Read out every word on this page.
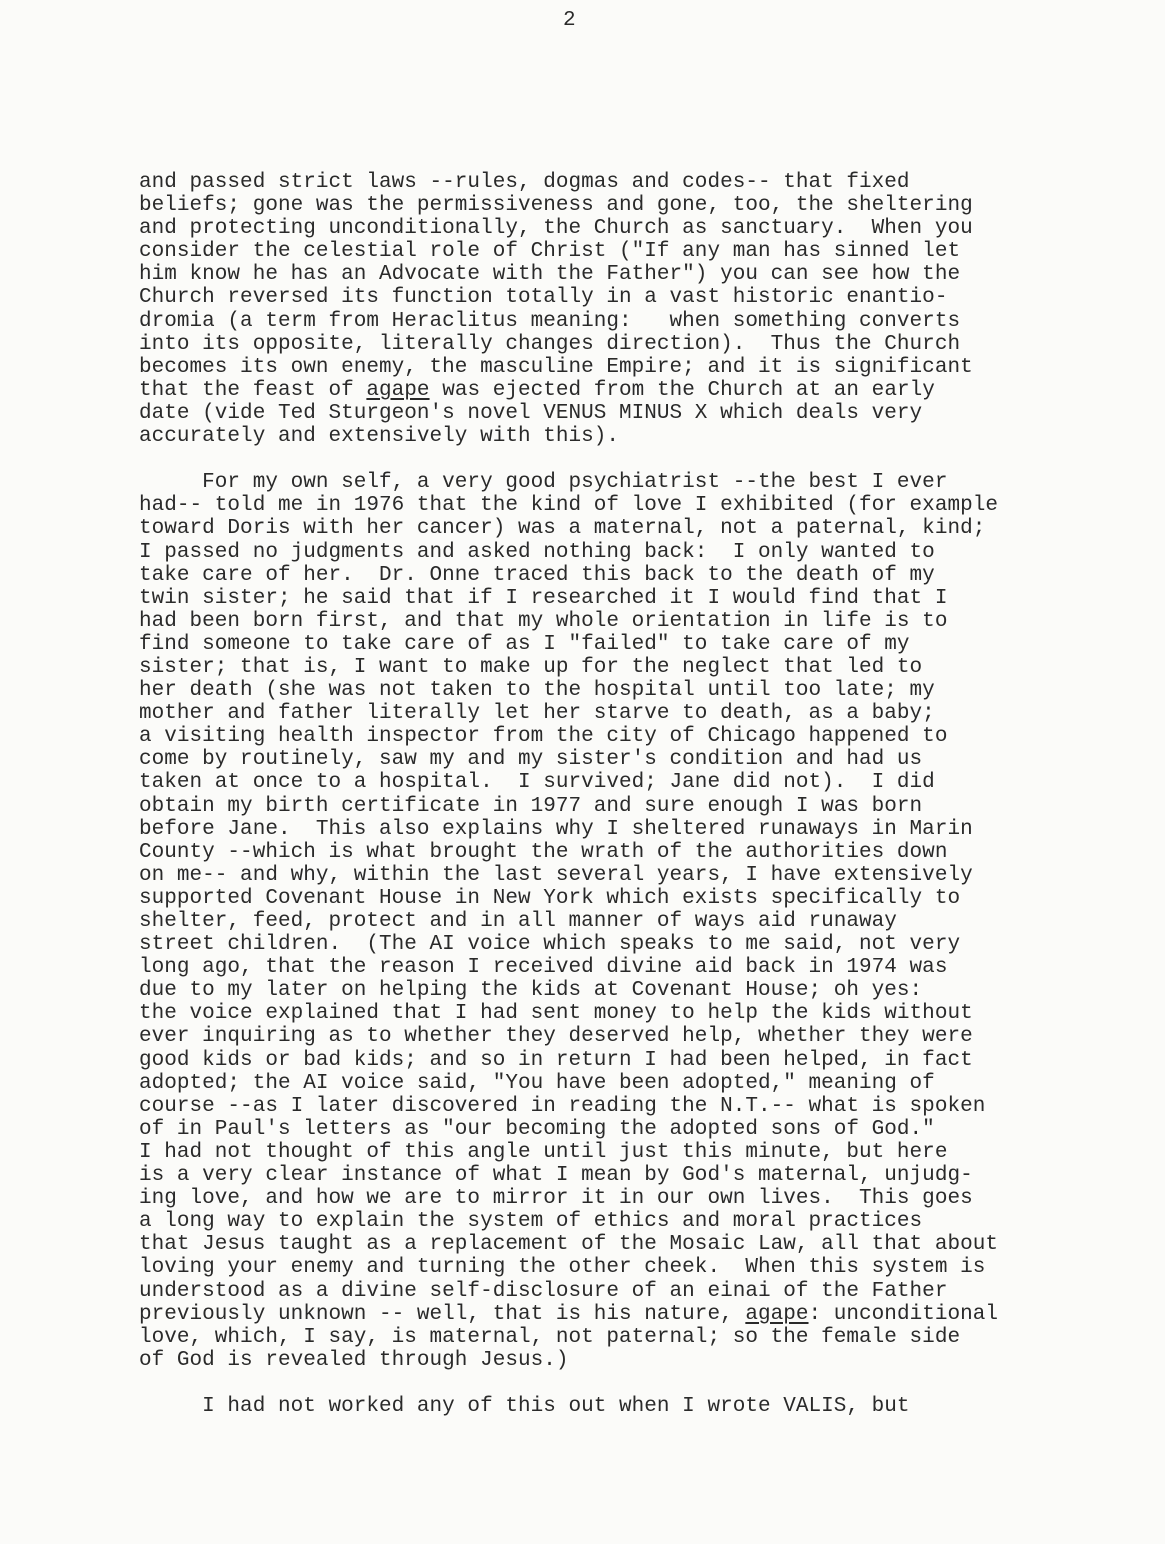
2
and passed strict laws --rules, dogmas and codes-- that fixed
beliefs; gone was the permissiveness and gone, too, the sheltering
and protecting unconditionally, the Church as sanctuary.  When you
consider the celestial role of Christ ("If any man has sinned let
him know he has an Advocate with the Father") you can see how the
Church reversed its function totally in a vast historic enantio-
dromia (a term from Heraclitus meaning:   when something converts
into its opposite, literally changes direction).  Thus the Church
becomes its own enemy, the masculine Empire; and it is significant
that the feast of agape was ejected from the Church at an early
date (vide Ted Sturgeon's novel VENUS MINUS X which deals very
accurately and extensively with this).
For my own self, a very good psychiatrist --the best I ever
had-- told me in 1976 that the kind of love I exhibited (for example
toward Doris with her cancer) was a maternal, not a paternal, kind;
I passed no judgments and asked nothing back:  I only wanted to
take care of her.  Dr. Onne traced this back to the death of my
twin sister; he said that if I researched it I would find that I
had been born first, and that my whole orientation in life is to
find someone to take care of as I "failed" to take care of my
sister; that is, I want to make up for the neglect that led to
her death (she was not taken to the hospital until too late; my
mother and father literally let her starve to death, as a baby;
a visiting health inspector from the city of Chicago happened to
come by routinely, saw my and my sister's condition and had us
taken at once to a hospital.  I survived; Jane did not).  I did
obtain my birth certificate in 1977 and sure enough I was born
before Jane.  This also explains why I sheltered runaways in Marin
County --which is what brought the wrath of the authorities down
on me-- and why, within the last several years, I have extensively
supported Covenant House in New York which exists specifically to
shelter, feed, protect and in all manner of ways aid runaway
street children.  (The AI voice which speaks to me said, not very
long ago, that the reason I received divine aid back in 1974 was
due to my later on helping the kids at Covenant House; oh yes:
the voice explained that I had sent money to help the kids without
ever inquiring as to whether they deserved help, whether they were
good kids or bad kids; and so in return I had been helped, in fact
adopted; the AI voice said, "You have been adopted," meaning of
course --as I later discovered in reading the N.T.-- what is spoken
of in Paul's letters as "our becoming the adopted sons of God."
I had not thought of this angle until just this minute, but here
is a very clear instance of what I mean by God's maternal, unjudg-
ing love, and how we are to mirror it in our own lives.  This goes
a long way to explain the system of ethics and moral practices
that Jesus taught as a replacement of the Mosaic Law, all that about
loving your enemy and turning the other cheek.  When this system is
understood as a divine self-disclosure of an einai of the Father
previously unknown -- well, that is his nature, agape: unconditional
love, which, I say, is maternal, not paternal; so the female side
of God is revealed through Jesus.)
I had not worked any of this out when I wrote VALIS, but
